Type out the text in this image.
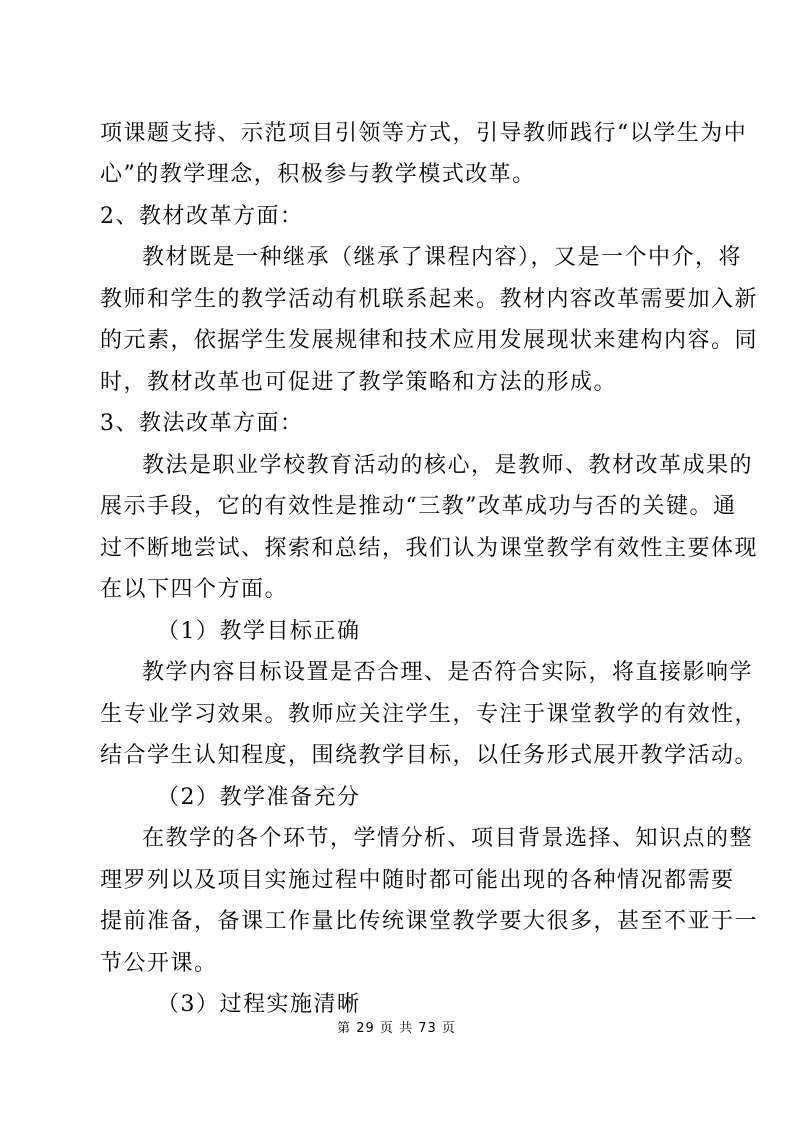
项课题支持、示范项目引领等方式，引导教师践行“以学生为中
心”的教学理念，积极参与教学模式改革。
2、教材改革方面：
教材既是一种继承（继承了课程内容），又是一个中介，将
教师和学生的教学活动有机联系起来。教材内容改革需要加入新
的元素，依据学生发展规律和技术应用发展现状来建构内容。同
时，教材改革也可促进了教学策略和方法的形成。
3、教法改革方面：
教法是职业学校教育活动的核心，是教师、教材改革成果的
展示手段，它的有效性是推动“三教”改革成功与否的关键。通
过不断地尝试、探索和总结，我们认为课堂教学有效性主要体现
在以下四个方面。
（1）教学目标正确
教学内容目标设置是否合理、是否符合实际，将直接影响学
生专业学习效果。教师应关注学生，专注于课堂教学的有效性，
结合学生认知程度，围绕教学目标，以任务形式展开教学活动。
（2）教学准备充分
在教学的各个环节，学情分析、项目背景选择、知识点的整
理罗列以及项目实施过程中随时都可能出现的各种情况都需要
提前准备，备课工作量比传统课堂教学要大很多，甚至不亚于一
节公开课。
（3）过程实施清晰
第 29 页 共 73 页
